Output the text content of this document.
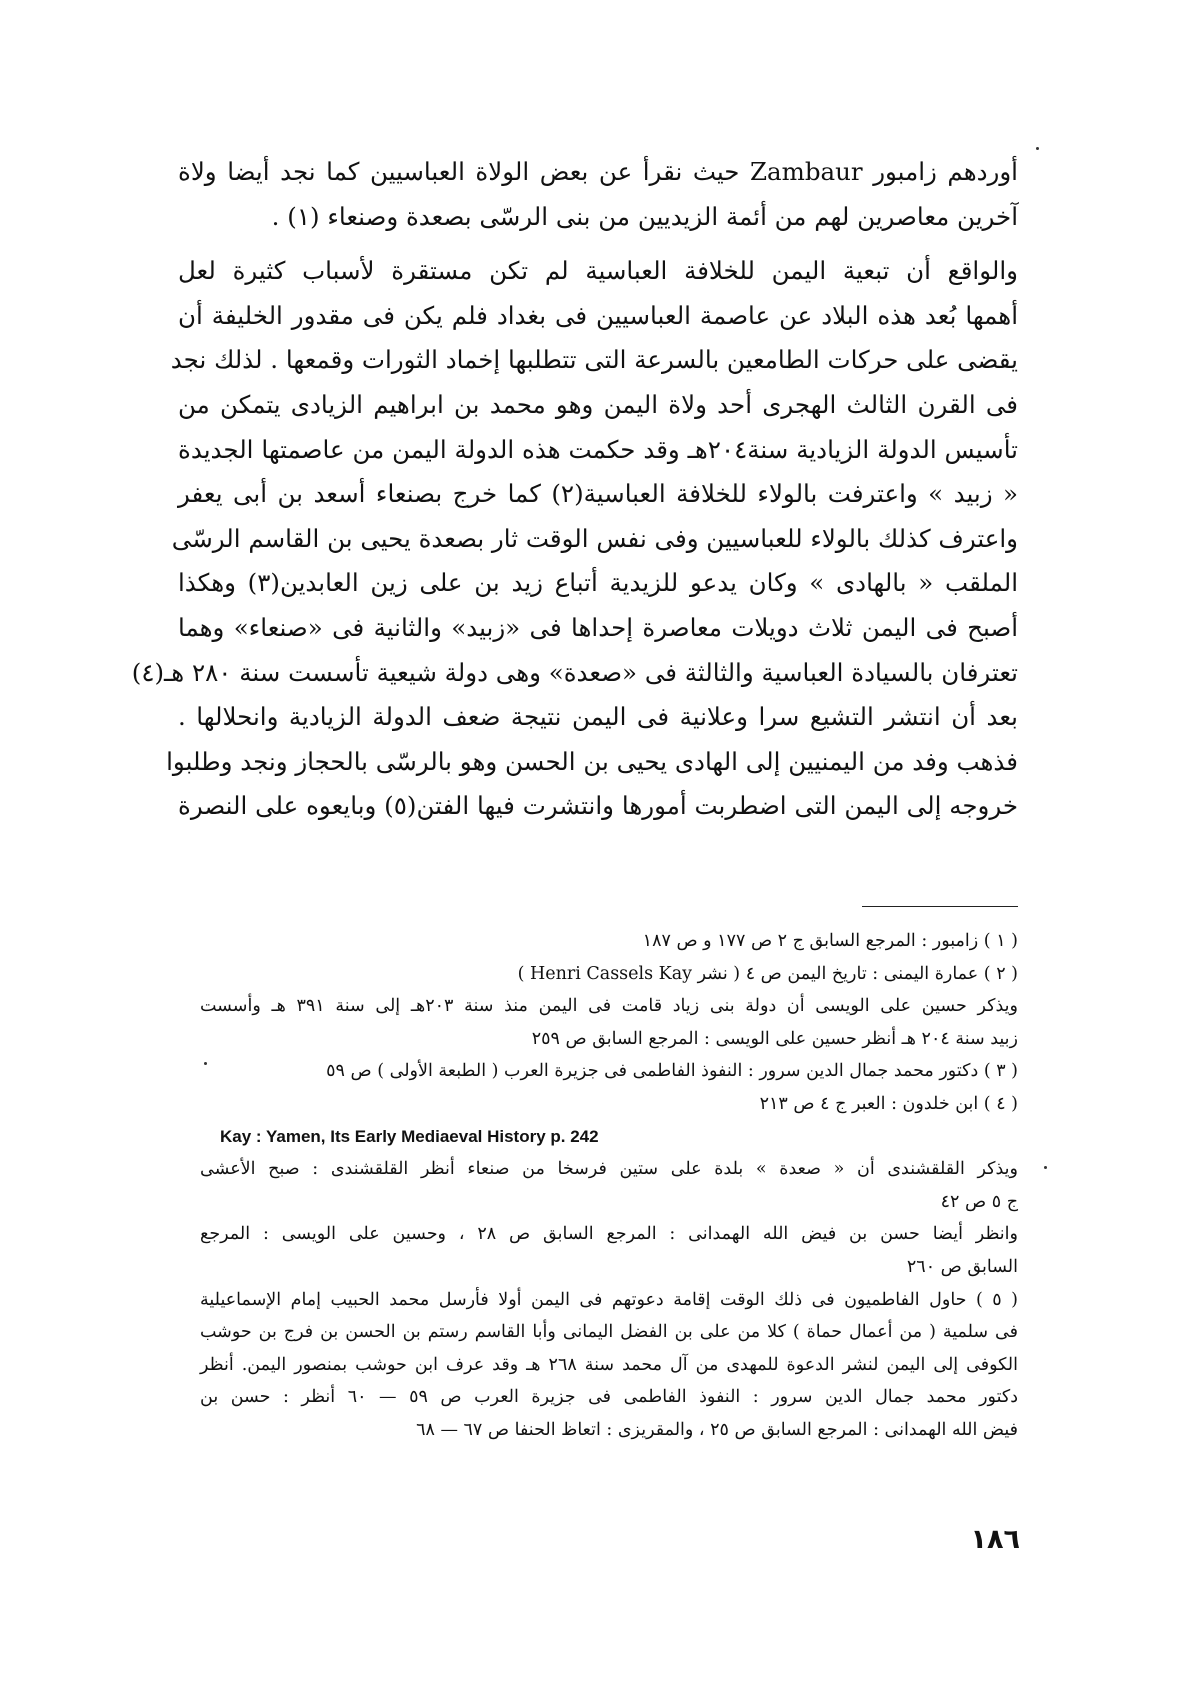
أوردهم زامبور Zambaur حيث نقرأ عن بعض الولاة العباسيين كما نجد أيضا ولاة
آخرين معاصرين لهم من أئمة الزيديين من بنى الرسّى بصعدة وصنعاء (١) .
والواقع أن تبعية اليمن للخلافة العباسية لم تكن مستقرة لأسباب كثيرة لعل
أهمها بُعد هذه البلاد عن عاصمة العباسيين فى بغداد فلم يكن فى مقدور الخليفة أن
يقضى على حركات الطامعين بالسرعة التى تتطلبها إخماد الثورات وقمعها . لذلك نجد
فى القرن الثالث الهجرى أحد ولاة اليمن وهو محمد بن ابراهيم الزيادى يتمكن من
تأسيس الدولة الزيادية سنة٢٠٤هـ وقد حكمت هذه الدولة اليمن من عاصمتها الجديدة
« زبيد » واعترفت بالولاء للخلافة العباسية(٢) كما خرج بصنعاء أسعد بن أبى يعفر
واعترف كذلك بالولاء للعباسيين وفى نفس الوقت ثار بصعدة يحيى بن القاسم الرسّى
الملقب « بالهادى » وكان يدعو للزيدية أتباع زيد بن على زين العابدين(٣) وهكذا
أصبح فى اليمن ثلاث دويلات معاصرة إحداها فى «زبيد» والثانية فى «صنعاء» وهما
تعترفان بالسيادة العباسية والثالثة فى «صعدة» وهى دولة شيعية تأسست سنة ٢٨٠ هـ(٤)
بعد أن انتشر التشيع سرا وعلانية فى اليمن نتيجة ضعف الدولة الزيادية وانحلالها .
فذهب وفد من اليمنيين إلى الهادى يحيى بن الحسن وهو بالرسّى بالحجاز ونجد وطلبوا
خروجه إلى اليمن التى اضطربت أمورها وانتشرت فيها الفتن(٥) وبايعوه على النصرة
( ١ ) زامبور : المرجع السابق ج ٢ ص ١٧٧ و ص ١٨٧
( ٢ ) عمارة اليمنى : تاريخ اليمن ص ٤ ( نشر Henri Cassels Kay )
ويذكر حسين على الويسى أن دولة بنى زياد قامت فى اليمن منذ سنة ٢٠٣هـ إلى سنة ٣٩١ هـ وأسست
زبيد سنة ٢٠٤ هـ أنظر حسين على الويسى : المرجع السابق ص ٢٥٩
( ٣ ) دكتور محمد جمال الدين سرور : النفوذ الفاطمى فى جزيرة العرب ( الطبعة الأولى ) ص ٥٩
( ٤ ) ابن خلدون : العبر ج ٤ ص ٢١٣
Kay : Yamen, Its Early Mediaeval History p. 242
ويذكر القلقشندى أن « صعدة » بلدة على ستين فرسخا من صنعاء أنظر القلقشندى : صبح الأعشى
ج ٥ ص ٤٢
وانظر أيضا حسن بن فيض الله الهمدانى : المرجع السابق ص ٢٨ ، وحسين على الويسى : المرجع
السابق ص ٢٦٠
( ٥ ) حاول الفاطميون فى ذلك الوقت إقامة دعوتهم فى اليمن أولا فأرسل محمد الحبيب إمام الإسماعيلية
فى سلمية ( من أعمال حماة ) كلا من على بن الفضل اليمانى وأبا القاسم رستم بن الحسن بن فرج بن حوشب
الكوفى إلى اليمن لنشر الدعوة للمهدى من آل محمد سنة ٢٦٨ هـ وقد عرف ابن حوشب بمنصور اليمن. أنظر
دكتور محمد جمال الدين سرور : النفوذ الفاطمى فى جزيرة العرب ص ٥٩ — ٦٠ أنظر : حسن بن
فيض الله الهمدانى : المرجع السابق ص ٢٥ ، والمقريزى : اتعاظ الحنفا ص ٦٧ — ٦٨
١٨٦
